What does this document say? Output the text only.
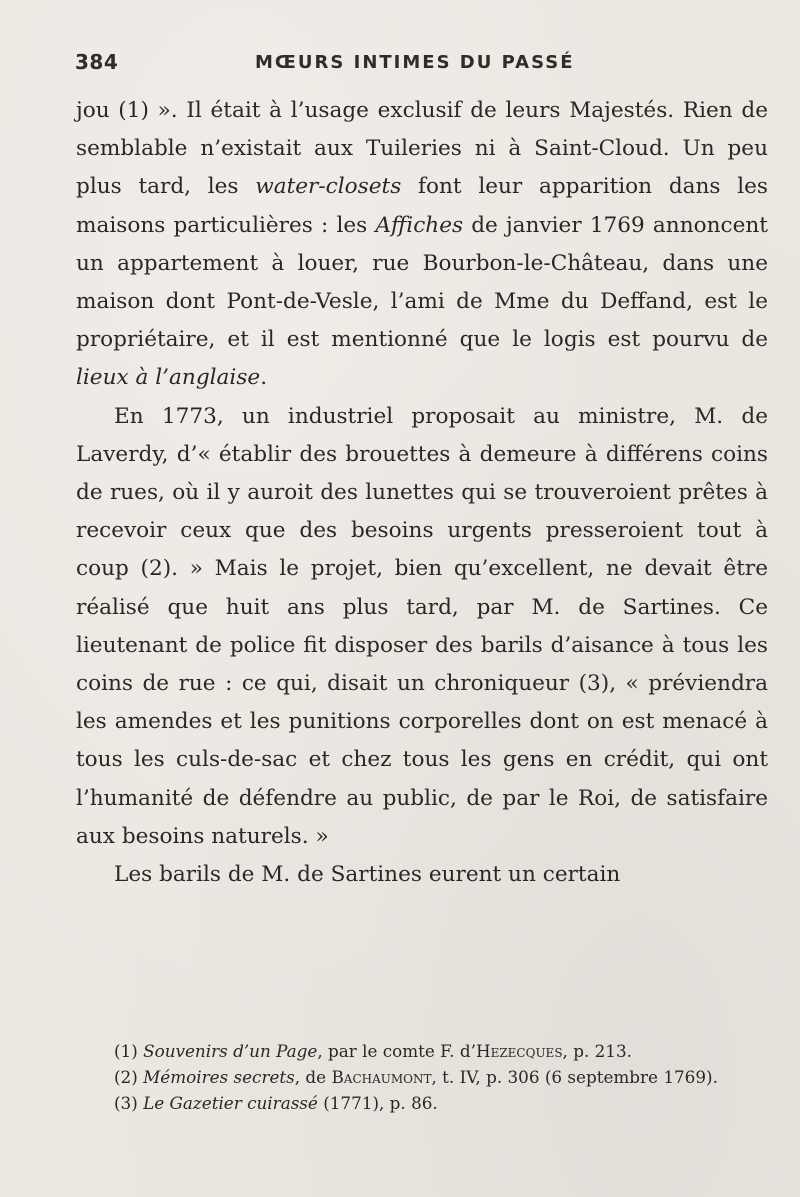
384	MŒURS INTIMES DU PASSÉ

jou (1) ». Il était à l’usage exclusif de leurs Majestés. Rien de semblable n’existait aux Tuileries ni à Saint-Cloud. Un peu plus tard, les water-closets font leur apparition dans les maisons particulières : les Affiches de janvier 1769 annoncent un appartement à louer, rue Bourbon-le-Château, dans une maison dont Pont-de-Vesle, l’ami de Mme du Deffand, est le propriétaire, et il est mentionné que le logis est pourvu de lieux à l’anglaise.

En 1773, un industriel proposait au ministre, M. de Laverdy, d’« établir des brouettes à demeure à différens coins de rues, où il y auroit des lunettes qui se trouveroient prêtes à recevoir ceux que des besoins urgents presseroient tout à coup (2). » Mais le projet, bien qu’excellent, ne devait être réalisé que huit ans plus tard, par M. de Sartines. Ce lieutenant de police fit disposer des barils d’aisance à tous les coins de rue : ce qui, disait un chroniqueur (3), « préviendra les amendes et les punitions corporelles dont on est menacé à tous les culs-de-sac et chez tous les gens en crédit, qui ont l’humanité de défendre au public, de par le Roi, de satisfaire aux besoins naturels. »

Les barils de M. de Sartines eurent un certain

(1) Souvenirs d’un Page, par le comte F. d’Hezecques, p. 213.

(2) Mémoires secrets, de Bachaumont, t. IV, p. 306 (6 septembre 1769).

(3) Le Gazetier cuirassé (1771), p. 86.
